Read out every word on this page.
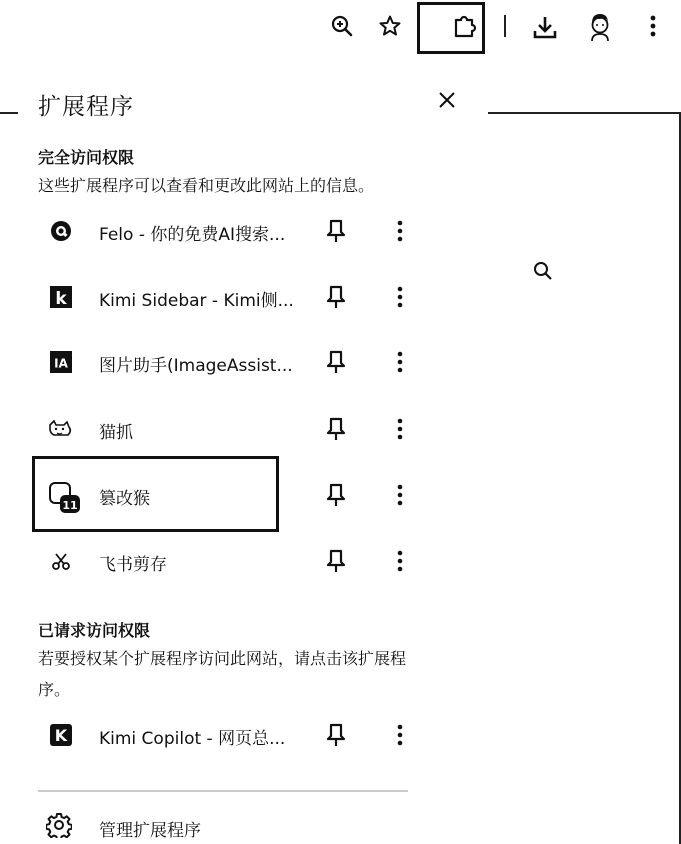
扩展程序
完全访问权限
这些扩展程序可以查看和更改此网站上的信息。
Felo - 你的免费AI搜索...
k Kimi Sidebar - Kimi侧...
IA 图片助手(ImageAssist...
猫抓
11 篡改猴
飞书剪存
已请求访问权限
若要授权某个扩展程序访问此网站，请点击该扩展程序。
K Kimi Copilot - 网页总...
管理扩展程序
